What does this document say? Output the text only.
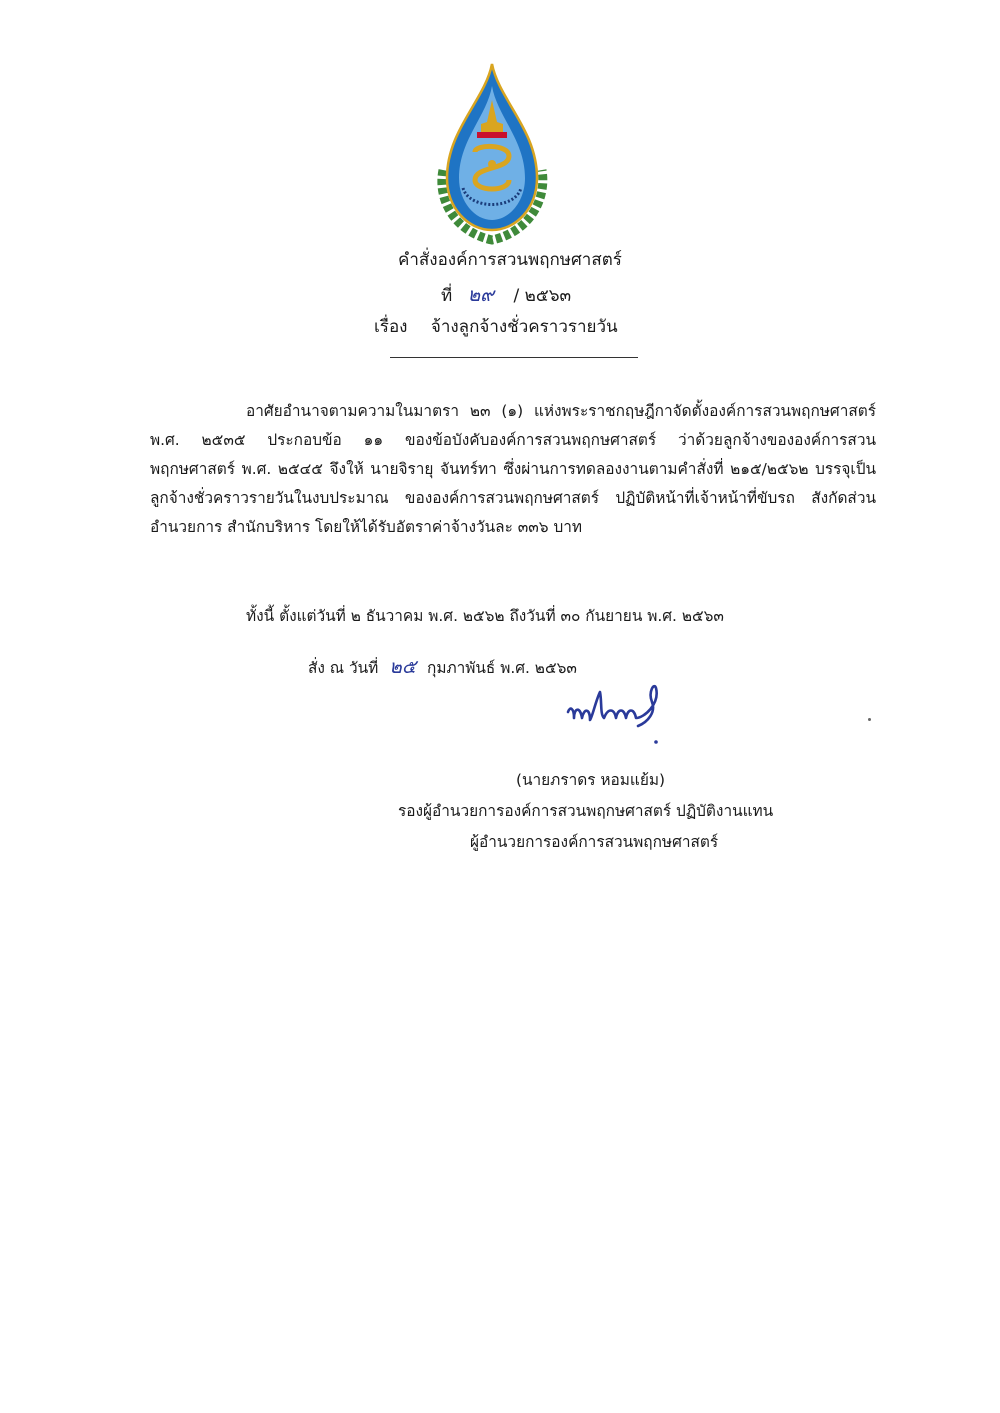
คำสั่งองค์การสวนพฤกษศาสตร์
ที่ ๒๙ / ๒๕๖๓
เรื่อง จ้างลูกจ้างชั่วคราวรายวัน

อาศัยอำนาจตามความในมาตรา ๒๓ (๑) แห่งพระราชกฤษฎีกาจัดตั้งองค์การสวนพฤกษศาสตร์ พ.ศ. ๒๕๓๕ ประกอบข้อ ๑๑ ของข้อบังคับองค์การสวนพฤกษศาสตร์ ว่าด้วยลูกจ้างขององค์การสวนพฤกษศาสตร์ พ.ศ. ๒๕๔๕ จึงให้ นายจิรายุ จันทร์ทา ซึ่งผ่านการทดลองงานตามคำสั่งที่ ๒๑๕/๒๕๖๒ บรรจุเป็นลูกจ้างชั่วคราวรายวันในงบประมาณ ขององค์การสวนพฤกษศาสตร์ ปฏิบัติหน้าที่เจ้าหน้าที่ขับรถ สังกัดส่วนอำนวยการ สำนักบริหาร โดยให้ได้รับอัตราค่าจ้างวันละ ๓๓๖ บาท

ทั้งนี้ ตั้งแต่วันที่ ๒ ธันวาคม พ.ศ. ๒๕๖๒ ถึงวันที่ ๓๐ กันยายน พ.ศ. ๒๕๖๓
สั่ง ณ วันที่ ๒๕ กุมภาพันธ์ พ.ศ. ๒๕๖๓
(นายภราดร หอมแย้ม)
รองผู้อำนวยการองค์การสวนพฤกษศาสตร์ ปฏิบัติงานแทน
ผู้อำนวยการองค์การสวนพฤกษศาสตร์
